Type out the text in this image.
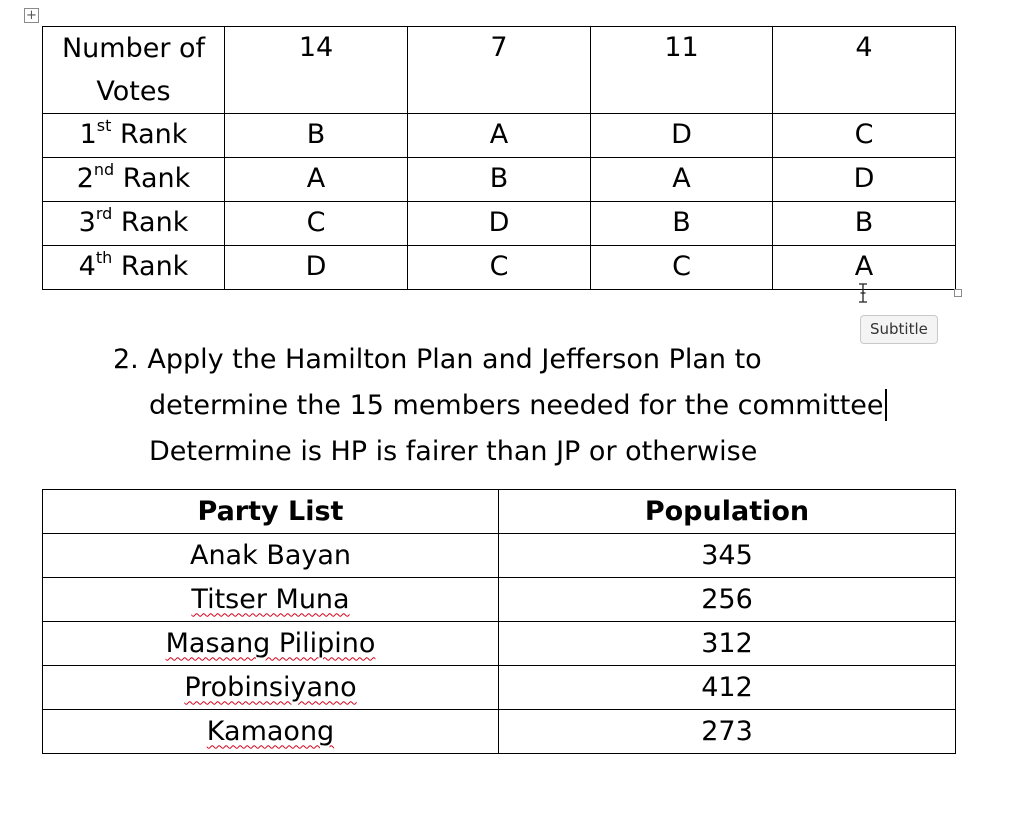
+
Number of
Votes	14	7	11	4
1st Rank	B	A	D	C
2nd Rank	A	B	A	D
3rd Rank	C	D	B	B
4th Rank	D	C	C	A
Subtitle
2. Apply the Hamilton Plan and Jefferson Plan to
determine the 15 members needed for the committee
Determine is HP is fairer than JP or otherwise
Party List	Population
Anak Bayan	345
Titser Muna	256
Masang Pilipino	312
Probinsiyano	412
Kamaong	273
